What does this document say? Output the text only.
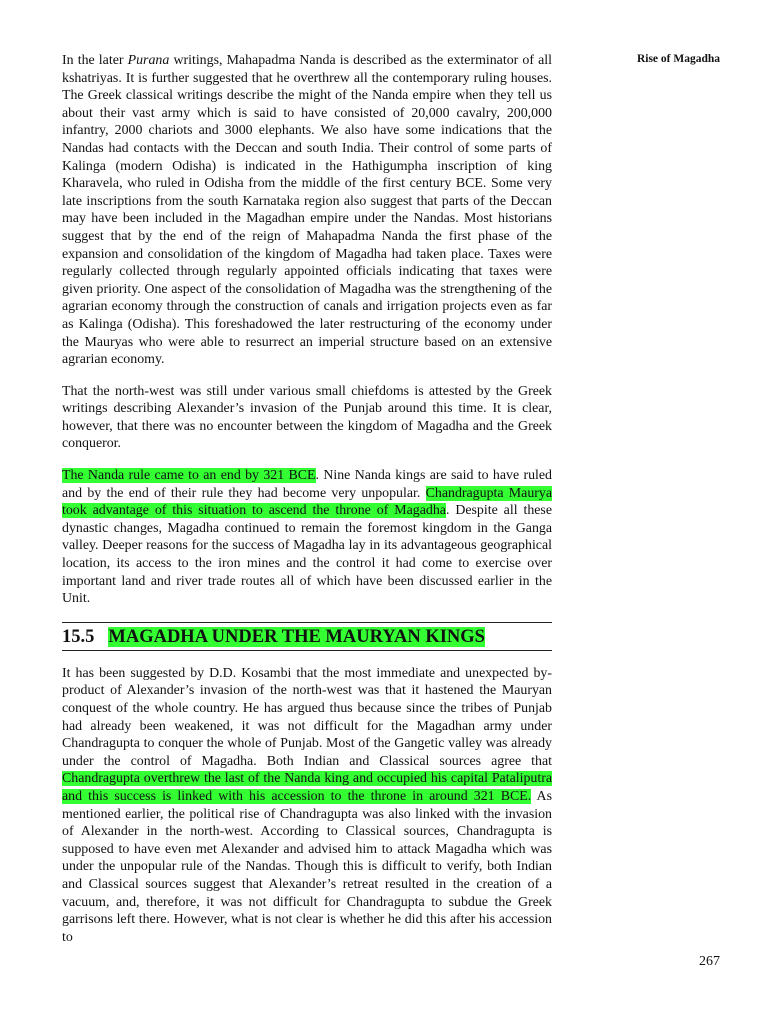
Rise of Magadha

In the later Purana writings, Mahapadma Nanda is described as the exterminator of all kshatriyas. It is further suggested that he overthrew all the contemporary ruling houses. The Greek classical writings describe the might of the Nanda empire when they tell us about their vast army which is said to have consisted of 20,000 cavalry, 200,000 infantry, 2000 chariots and 3000 elephants. We also have some indications that the Nandas had contacts with the Deccan and south India. Their control of some parts of Kalinga (modern Odisha) is indicated in the Hathigumpha inscription of king Kharavela, who ruled in Odisha from the middle of the first century BCE. Some very late inscriptions from the south Karnataka region also suggest that parts of the Deccan may have been included in the Magadhan empire under the Nandas. Most historians suggest that by the end of the reign of Mahapadma Nanda the first phase of the expansion and consolidation of the kingdom of Magadha had taken place. Taxes were regularly collected through regularly appointed officials indicating that taxes were given priority. One aspect of the consolidation of Magadha was the strengthening of the agrarian economy through the construction of canals and irrigation projects even as far as Kalinga (Odisha). This foreshadowed the later restructuring of the economy under the Mauryas who were able to resurrect an imperial structure based on an extensive agrarian economy.

That the north-west was still under various small chiefdoms is attested by the Greek writings describing Alexander’s invasion of the Punjab around this time. It is clear, however, that there was no encounter between the kingdom of Magadha and the Greek conqueror.

The Nanda rule came to an end by 321 BCE. Nine Nanda kings are said to have ruled and by the end of their rule they had become very unpopular. Chandragupta Maurya took advantage of this situation to ascend the throne of Magadha. Despite all these dynastic changes, Magadha continued to remain the foremost kingdom in the Ganga valley. Deeper reasons for the success of Magadha lay in its advantageous geographical location, its access to the iron mines and the control it had come to exercise over important land and river trade routes all of which have been discussed earlier in the Unit.

15.5 MAGADHA UNDER THE MAURYAN KINGS

It has been suggested by D.D. Kosambi that the most immediate and unexpected by-product of Alexander’s invasion of the north-west was that it hastened the Mauryan conquest of the whole country. He has argued thus because since the tribes of Punjab had already been weakened, it was not difficult for the Magadhan army under Chandragupta to conquer the whole of Punjab. Most of the Gangetic valley was already under the control of Magadha. Both Indian and Classical sources agree that Chandragupta overthrew the last of the Nanda king and occupied his capital Pataliputra and this success is linked with his accession to the throne in around 321 BCE. As mentioned earlier, the political rise of Chandragupta was also linked with the invasion of Alexander in the north-west. According to Classical sources, Chandragupta is supposed to have even met Alexander and advised him to attack Magadha which was under the unpopular rule of the Nandas. Though this is difficult to verify, both Indian and Classical sources suggest that Alexander’s retreat resulted in the creation of a vacuum, and, therefore, it was not difficult for Chandragupta to subdue the Greek garrisons left there. However, what is not clear is whether he did this after his accession to

267
